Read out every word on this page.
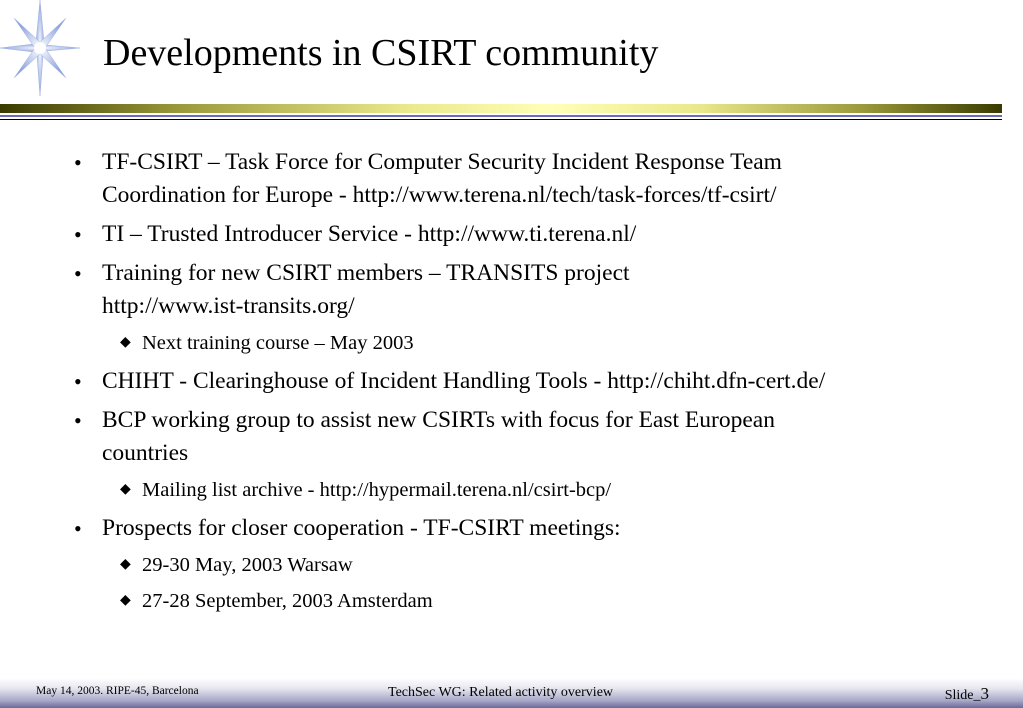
Developments in CSIRT community
• TF-CSIRT – Task Force for Computer Security Incident Response Team
Coordination for Europe - http://www.terena.nl/tech/task-forces/tf-csirt/
• TI – Trusted Introducer Service - http://www.ti.terena.nl/
• Training for new CSIRT members – TRANSITS project
http://www.ist-transits.org/
◆ Next training course – May 2003
• CHIHT - Clearinghouse of Incident Handling Tools - http://chiht.dfn-cert.de/
• BCP working group to assist new CSIRTs with focus for East European
countries
◆ Mailing list archive - http://hypermail.terena.nl/csirt-bcp/
• Prospects for closer cooperation - TF-CSIRT meetings:
◆ 29-30 May, 2003 Warsaw
◆ 27-28 September, 2003 Amsterdam
May 14, 2003. RIPE-45, Barcelona	TechSec WG: Related activity overview	Slide_3
